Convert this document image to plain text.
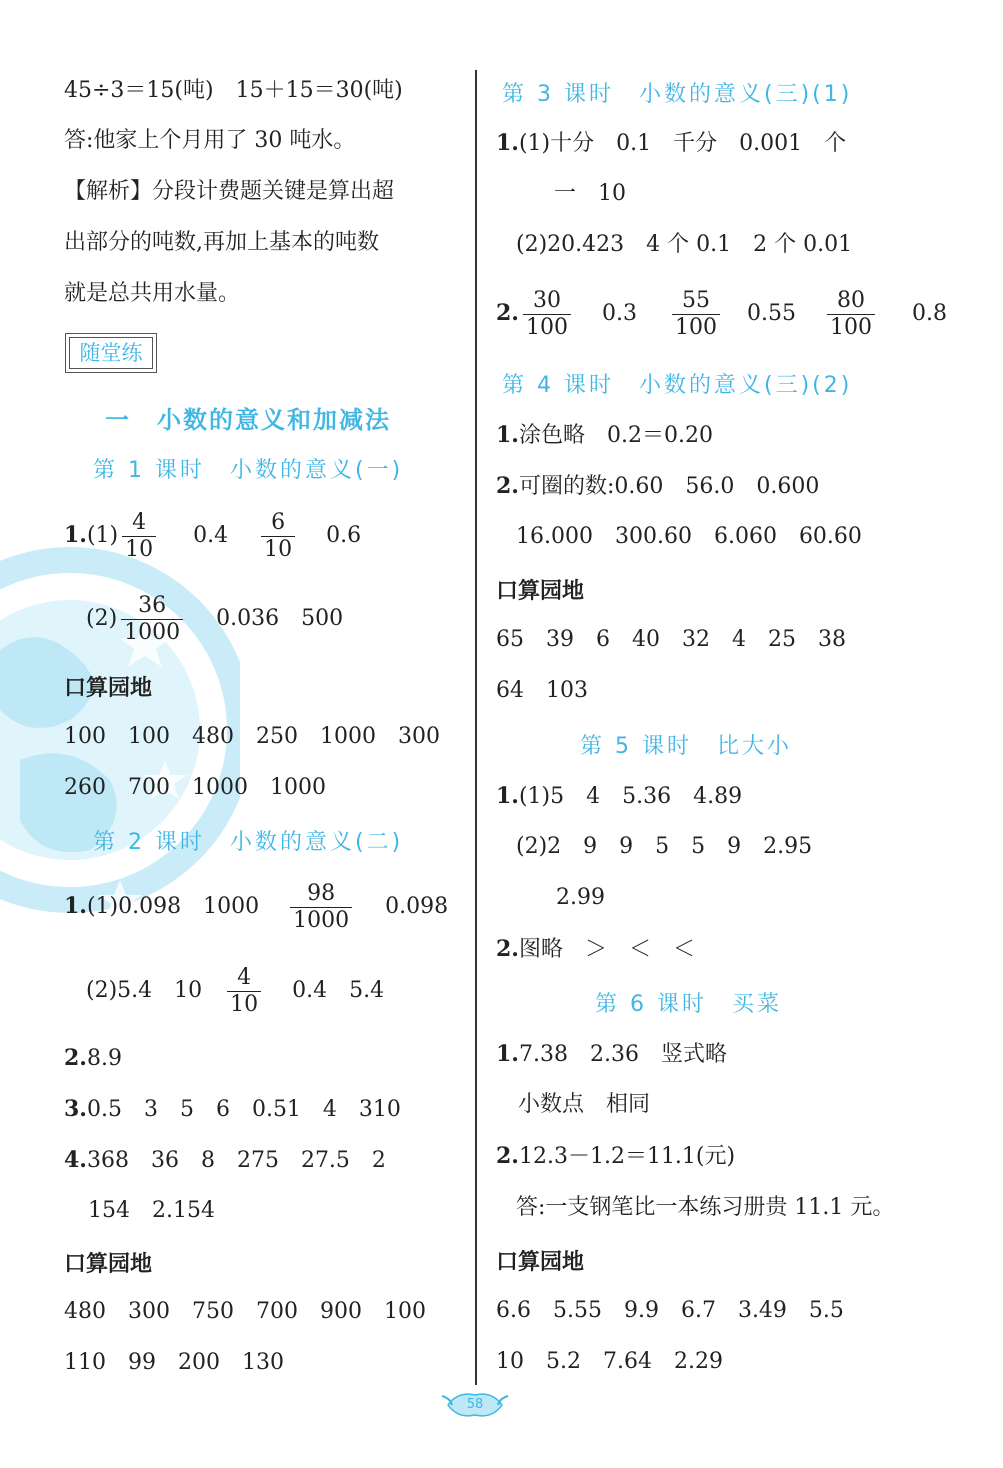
45÷3＝15(吨)　15＋15＝30(吨)
答:他家上个月用了 30 吨水。
【解析】分段计费题关键是算出超
出部分的吨数,再加上基本的吨数
就是总共用水量。
随堂练
一　小数的意义和加减法
第 1 课时　小数的意义(一)
$1.(1) \frac{4}{10} 0.4 \frac{6}{10} 0.6$
$(2) \frac{36}{1000} 0.036$　500
口算园地
100　100　480　250　1000　300
260　700　1000　1000
第 2 课时　小数的意义(二)
1.(1)0.098　$1000 \frac{98}{1000} 0.098$
(2)5.4　$10 \frac{4}{10} 0.4$　5.4
2.8.9
3.0.5　3　5　6　0.51　4　310
4.368　36　8　275　27.5　2
154　2.154
口算园地
480　300　750　700　900　100
110　99　200　130
第 3 课时　小数的意义(三)(1)
1.(1)十分　0.1　千分　0.001　个
一　10
(2)20.423　4 个 0.1　2 个 0.01
2. $\frac{30}{100} 0.3 \frac{55}{100} 0.55 \frac{80}{100} 0.8$
第 4 课时　小数的意义(三)(2)
1.涂色略　0.2＝0.20
2.可圈的数:0.60　56.0　0.600
16.000　300.60　6.060　60.60
口算园地
65　39　6　40　32　4　25　38
64　103
第 5 课时　比大小
1.(1)5　4　5.36　4.89
(2)2　9　9　5　5　9　2.95
2.99
2.图略　＞　＜　＜
第 6 课时　买菜
1.7.38　2.36　竖式略
小数点　相同
2.12.3－1.2＝11.1(元)
答:一支钢笔比一本练习册贵 11.1 元。
口算园地
6.6　5.55　9.9　6.7　3.49　5.5
10　5.2　7.64　2.29
58
